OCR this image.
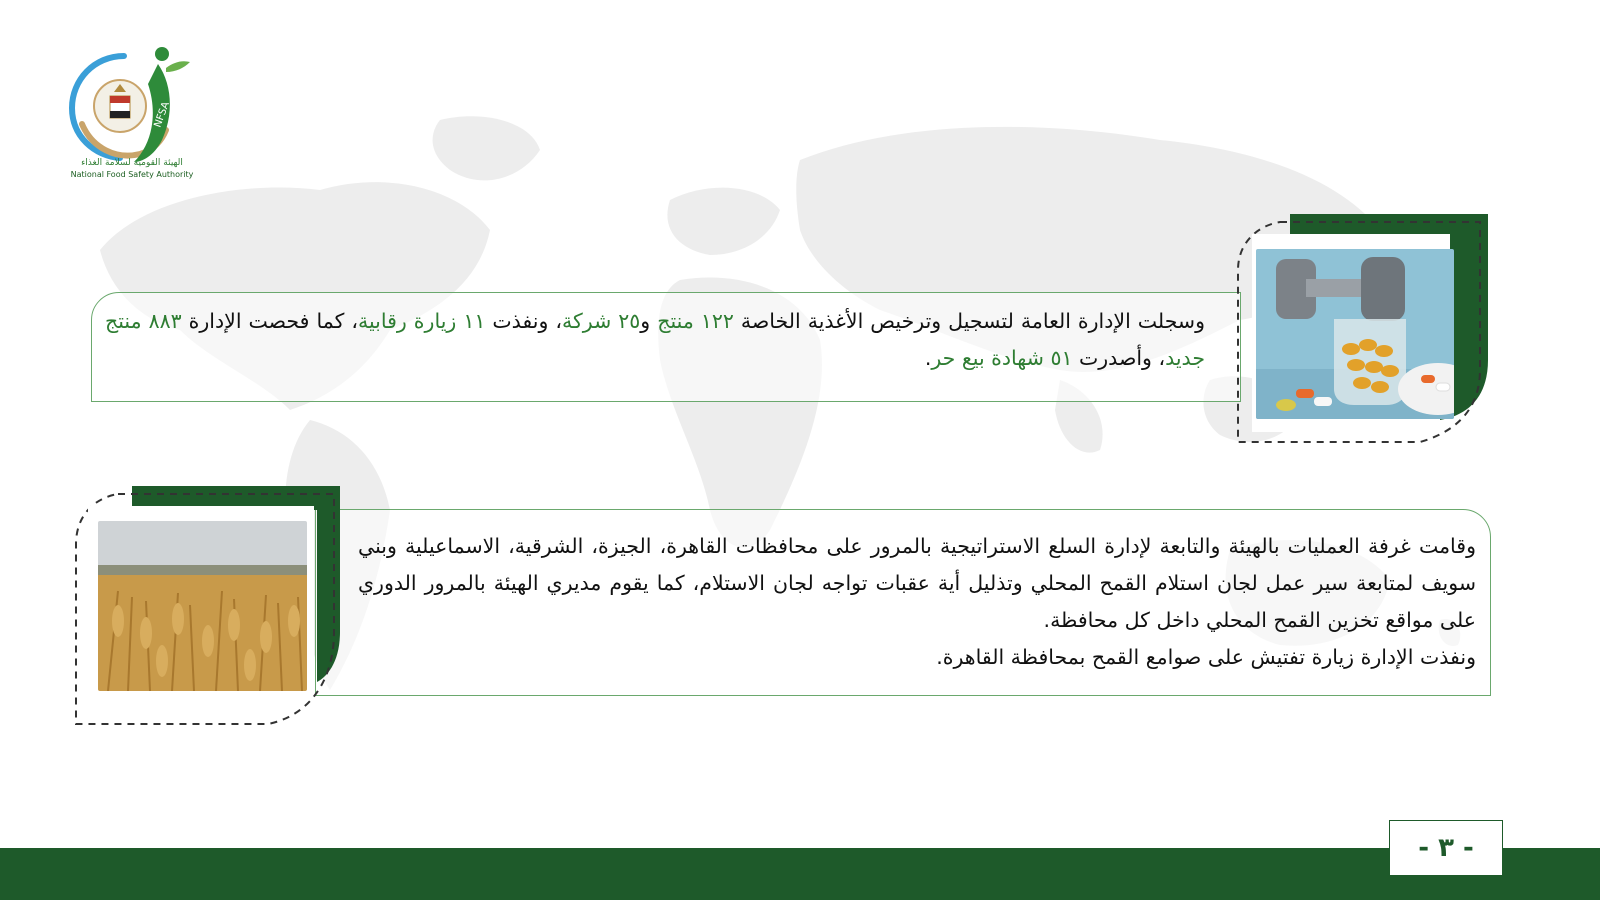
NFSA
الهيئة القومية لسلامة الغذاء
National Food Safety Authority
وسجلت الإدارة العامة لتسجيل وترخيص الأغذية الخاصة ١٢٢ منتج و٢٥ شركة، ونفذت ١١ زيارة رقابية، كما فحصت الإدارة ٨٨٣ منتج جديد، وأصدرت ٥١ شهادة بيع حر.
وقامت غرفة العمليات بالهيئة والتابعة لإدارة السلع الاستراتيجية بالمرور على محافظات القاهرة، الجيزة، الشرقية، الاسماعيلية وبني سويف لمتابعة سير عمل لجان استلام القمح المحلي وتذليل أية عقبات تواجه لجان الاستلام، كما يقوم مديري الهيئة بالمرور الدوري على مواقع تخزين القمح المحلي داخل كل محافظة.
ونفذت الإدارة زيارة تفتيش على صوامع القمح بمحافظة القاهرة.
- ٣ -
